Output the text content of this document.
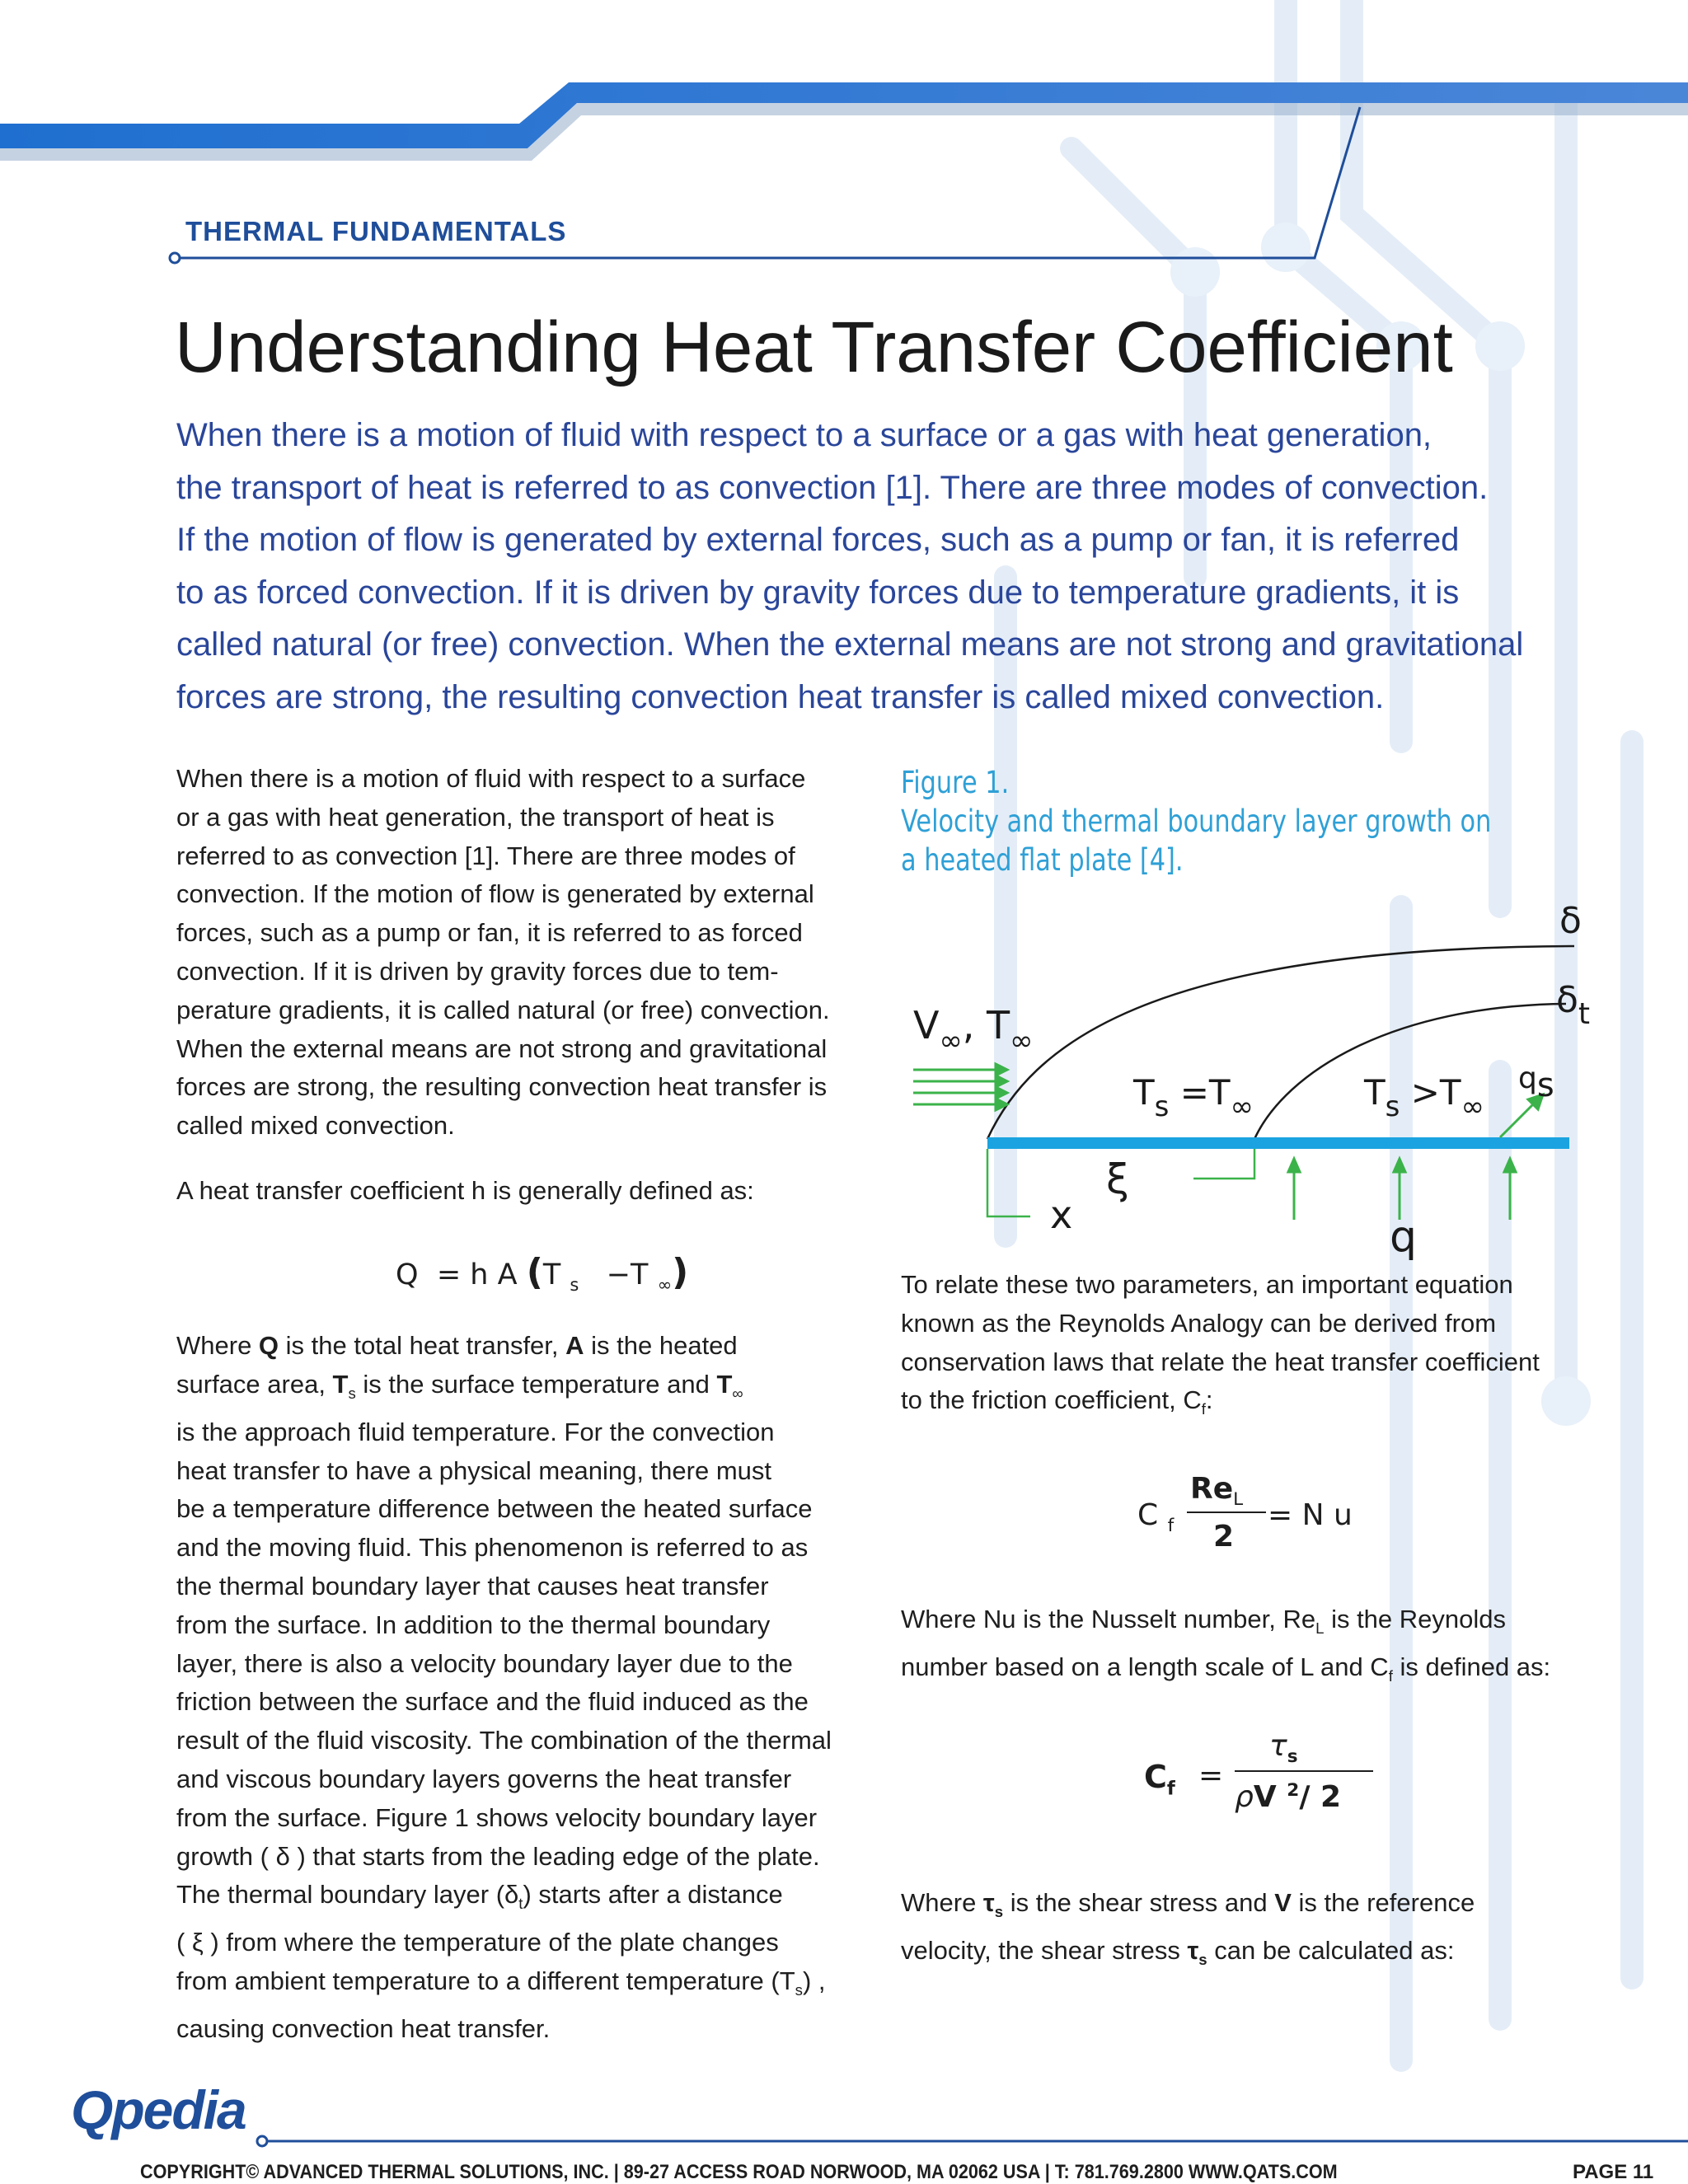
THERMAL FUNDAMENTALS
Understanding Heat Transfer Coefficient
When there is a motion of fluid with respect to a surface or a gas with heat generation,
the transport of heat is referred to as convection [1]. There are three modes of convection.
If the motion of flow is generated by external forces, such as a pump or fan, it is referred
to as forced convection. If it is driven by gravity forces due to temperature gradients, it is
called natural (or free) convection. When the external means are not strong and gravitational
forces are strong, the resulting convection heat transfer is called mixed convection.
When there is a motion of fluid with respect to a surface
or a gas with heat generation, the transport of heat is
referred to as convection [1]. There are three modes of
convection. If the motion of flow is generated by external
forces, such as a pump or fan, it is referred to as forced
convection. If it is driven by gravity forces due to tem-
perature gradients, it is called natural (or free) convection.
When the external means are not strong and gravitational
forces are strong, the resulting convection heat transfer is
called mixed convection.
A heat transfer coefficient h is generally defined as:
Q = h A (T $_s$ −T $_\infty$)
Where Q is the total heat transfer, A is the heated
surface area, $T_s$ is the surface temperature and $T_\infty$
is the approach fluid temperature. For the convection
heat transfer to have a physical meaning, there must
be a temperature difference between the heated surface
and the moving fluid. This phenomenon is referred to as
the thermal boundary layer that causes heat transfer
from the surface. In addition to the thermal boundary
layer, there is also a velocity boundary layer due to the
friction between the surface and the fluid induced as the
result of the fluid viscosity. The combination of the thermal
and viscous boundary layers governs the heat transfer
from the surface. Figure 1 shows velocity boundary layer
growth ( δ ) that starts from the leading edge of the plate.
The thermal boundary layer $(\delta_t)$ starts after a distance
( ξ ) from where the temperature of the plate changes
from ambient temperature to a different temperature $(T_s)$ ,
causing convection heat transfer.
Figure 1.
Velocity and thermal boundary layer growth on
a heated flat plate [4].
δ
$\delta_t$
$V_\infty$, $T_\infty$
$T_s =T_\infty$	$T_s >T_\infty$
qs
ξ
x	q
To relate these two parameters, an important equation
known as the Reynolds Analogy can be derived from
conservation laws that relate the heat transfer coefficient
to the friction coefficient, $C_f$:
C $_f$
$Re_L$
2
= N u
Where Nu is the Nusselt number, $Re_L$ is the Reynolds
number based on a length scale of L and $C_f$ is defined as:
$C_f$ =
$\tau_s$
ρV $^2$/ 2
Where $\tau_s$ is the shear stress and V is the reference
velocity, the shear stress $\tau_s$ can be calculated as:
Qpedia
COPYRIGHT© ADVANCED THERMAL SOLUTIONS, INC. | 89-27 ACCESS ROAD NORWOOD, MA 02062 USA | T: 781.769.2800 WWW.QATS.COM	PAGE 11
